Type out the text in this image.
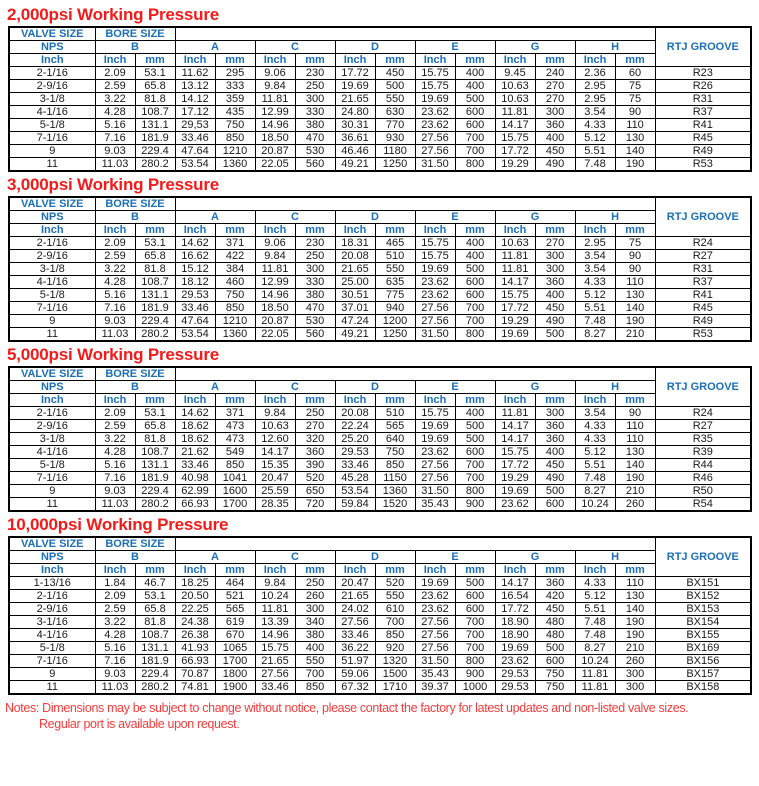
2,000psi Working Pressure
VALVE SIZE	BORE SIZE														RTJ GROOVE
NPS	B		A		C		D		E		G		H		
Inch	Inch	mm	Inch	mm	Inch	mm	Inch	mm	Inch	mm	Inch	mm	Inch	mm	
2-1/16	2.09	53.1	11.62	295	9.06	230	17.72	450	15.75	400	9.45	240	2.36	60	R23
2-9/16	2.59	65.8	13.12	333	9.84	250	19.69	500	15.75	400	10.63	270	2.95	75	R26
3-1/8	3.22	81.8	14.12	359	11.81	300	21.65	550	19.69	500	10.63	270	2.95	75	R31
4-1/16	4.28	108.7	17.12	435	12.99	330	24.80	630	23.62	600	11.81	300	3.54	90	R37
5-1/8	5.16	131.1	29,53	750	14.96	380	30.31	770	23.62	600	14.17	360	4.33	110	R41
7-1/16	7.16	181.9	33.46	850	18.50	470	36.61	930	27.56	700	15.75	400	5.12	130	R45
9	9.03	229.4	47.64	1210	20.87	530	46.46	1180	27.56	700	17.72	450	5.51	140	R49
11	11.03	280.2	53.54	1360	22.05	560	49.21	1250	31.50	800	19.29	490	7.48	190	R53
3,000psi Working Pressure
VALVE SIZE	BORE SIZE														RTJ GROOVE
NPS	B		A		C		D		E		G		H		
Inch	Inch	mm	Inch	mm	Inch	mm	Inch	mm	Inch	mm	Inch	mm	Inch	mm	
2-1/16	2.09	53.1	14.62	371	9.06	230	18.31	465	15.75	400	10.63	270	2.95	75	R24
2-9/16	2.59	65.8	16.62	422	9.84	250	20.08	510	15.75	400	11.81	300	3.54	90	R27
3-1/8	3.22	81.8	15.12	384	11.81	300	21.65	550	19.69	500	11.81	300	3.54	90	R31
4-1/16	4.28	108.7	18.12	460	12.99	330	25.00	635	23.62	600	14.17	360	4.33	110	R37
5-1/8	5.16	131.1	29.53	750	14.96	380	30.51	775	23.62	600	15.75	400	5.12	130	R41
7-1/16	7.16	181.9	33.46	850	18.50	470	37.01	940	27.56	700	17.72	450	5.51	140	R45
9	9.03	229.4	47.64	1210	20.87	530	47.24	1200	27.56	700	19.29	490	7.48	190	R49
11	11.03	280.2	53.54	1360	22.05	560	49.21	1250	31.50	800	19.69	500	8.27	210	R53
5,000psi Working Pressure
VALVE SIZE	BORE SIZE														RTJ GROOVE
NPS	B		A		C		D		E		G		H		
Inch	Inch	mm	Inch	mm	Inch	mm	Inch	mm	Inch	mm	Inch	mm	Inch	mm	
2-1/16	2.09	53.1	14.62	371	9.84	250	20.08	510	15.75	400	11.81	300	3.54	90	R24
2-9/16	2.59	65.8	18.62	473	10.63	270	22.24	565	19.69	500	14.17	360	4.33	110	R27
3-1/8	3.22	81.8	18.62	473	12.60	320	25.20	640	19.69	500	14.17	360	4.33	110	R35
4-1/16	4.28	108.7	21.62	549	14.17	360	29.53	750	23.62	600	15.75	400	5.12	130	R39
5-1/8	5.16	131.1	33.46	850	15.35	390	33.46	850	27.56	700	17.72	450	5.51	140	R44
7-1/16	7.16	181.9	40.98	1041	20.47	520	45.28	1150	27.56	700	19.29	490	7.48	190	R46
9	9.03	229.4	62.99	1600	25.59	650	53.54	1360	31.50	800	19.69	500	8.27	210	R50
11	11.03	280.2	66.93	1700	28.35	720	59.84	1520	35.43	900	23.62	600	10.24	260	R54
10,000psi Working Pressure
VALVE SIZE	BORE SIZE														RTJ GROOVE
NPS	B		A		C		D		E		G		H		
Inch	Inch	mm	Inch	mm	Inch	mm	Inch	mm	Inch	mm	Inch	mm	Inch	mm	
1-13/16	1.84	46.7	18.25	464	9.84	250	20.47	520	19.69	500	14.17	360	4.33	110	BX151
2-1/16	2.09	53.1	20.50	521	10.24	260	21.65	550	23.62	600	16.54	420	5.12	130	BX152
2-9/16	2.59	65.8	22.25	565	11.81	300	24.02	610	23.62	600	17.72	450	5.51	140	BX153
3-1/16	3.22	81.8	24.38	619	13.39	340	27.56	700	27.56	700	18.90	480	7.48	190	BX154
4-1/16	4.28	108.7	26.38	670	14.96	380	33.46	850	27.56	700	18.90	480	7.48	190	BX155
5-1/8	5.16	131.1	41.93	1065	15.75	400	36.22	920	27.56	700	19.69	500	8.27	210	BX169
7-1/16	7.16	181.9	66.93	1700	21.65	550	51.97	1320	31.50	800	23.62	600	10.24	260	BX156
9	9.03	229.4	70.87	1800	27.56	700	59.06	1500	35.43	900	29.53	750	11.81	300	BX157
11	11.03	280.2	74.81	1900	33.46	850	67.32	1710	39.37	1000	29.53	750	11.81	300	BX158
Notes: Dimensions may be subject to change without notice, please contact the factory for latest updates and non-listed valve sizes.
Regular port is available upon request.
